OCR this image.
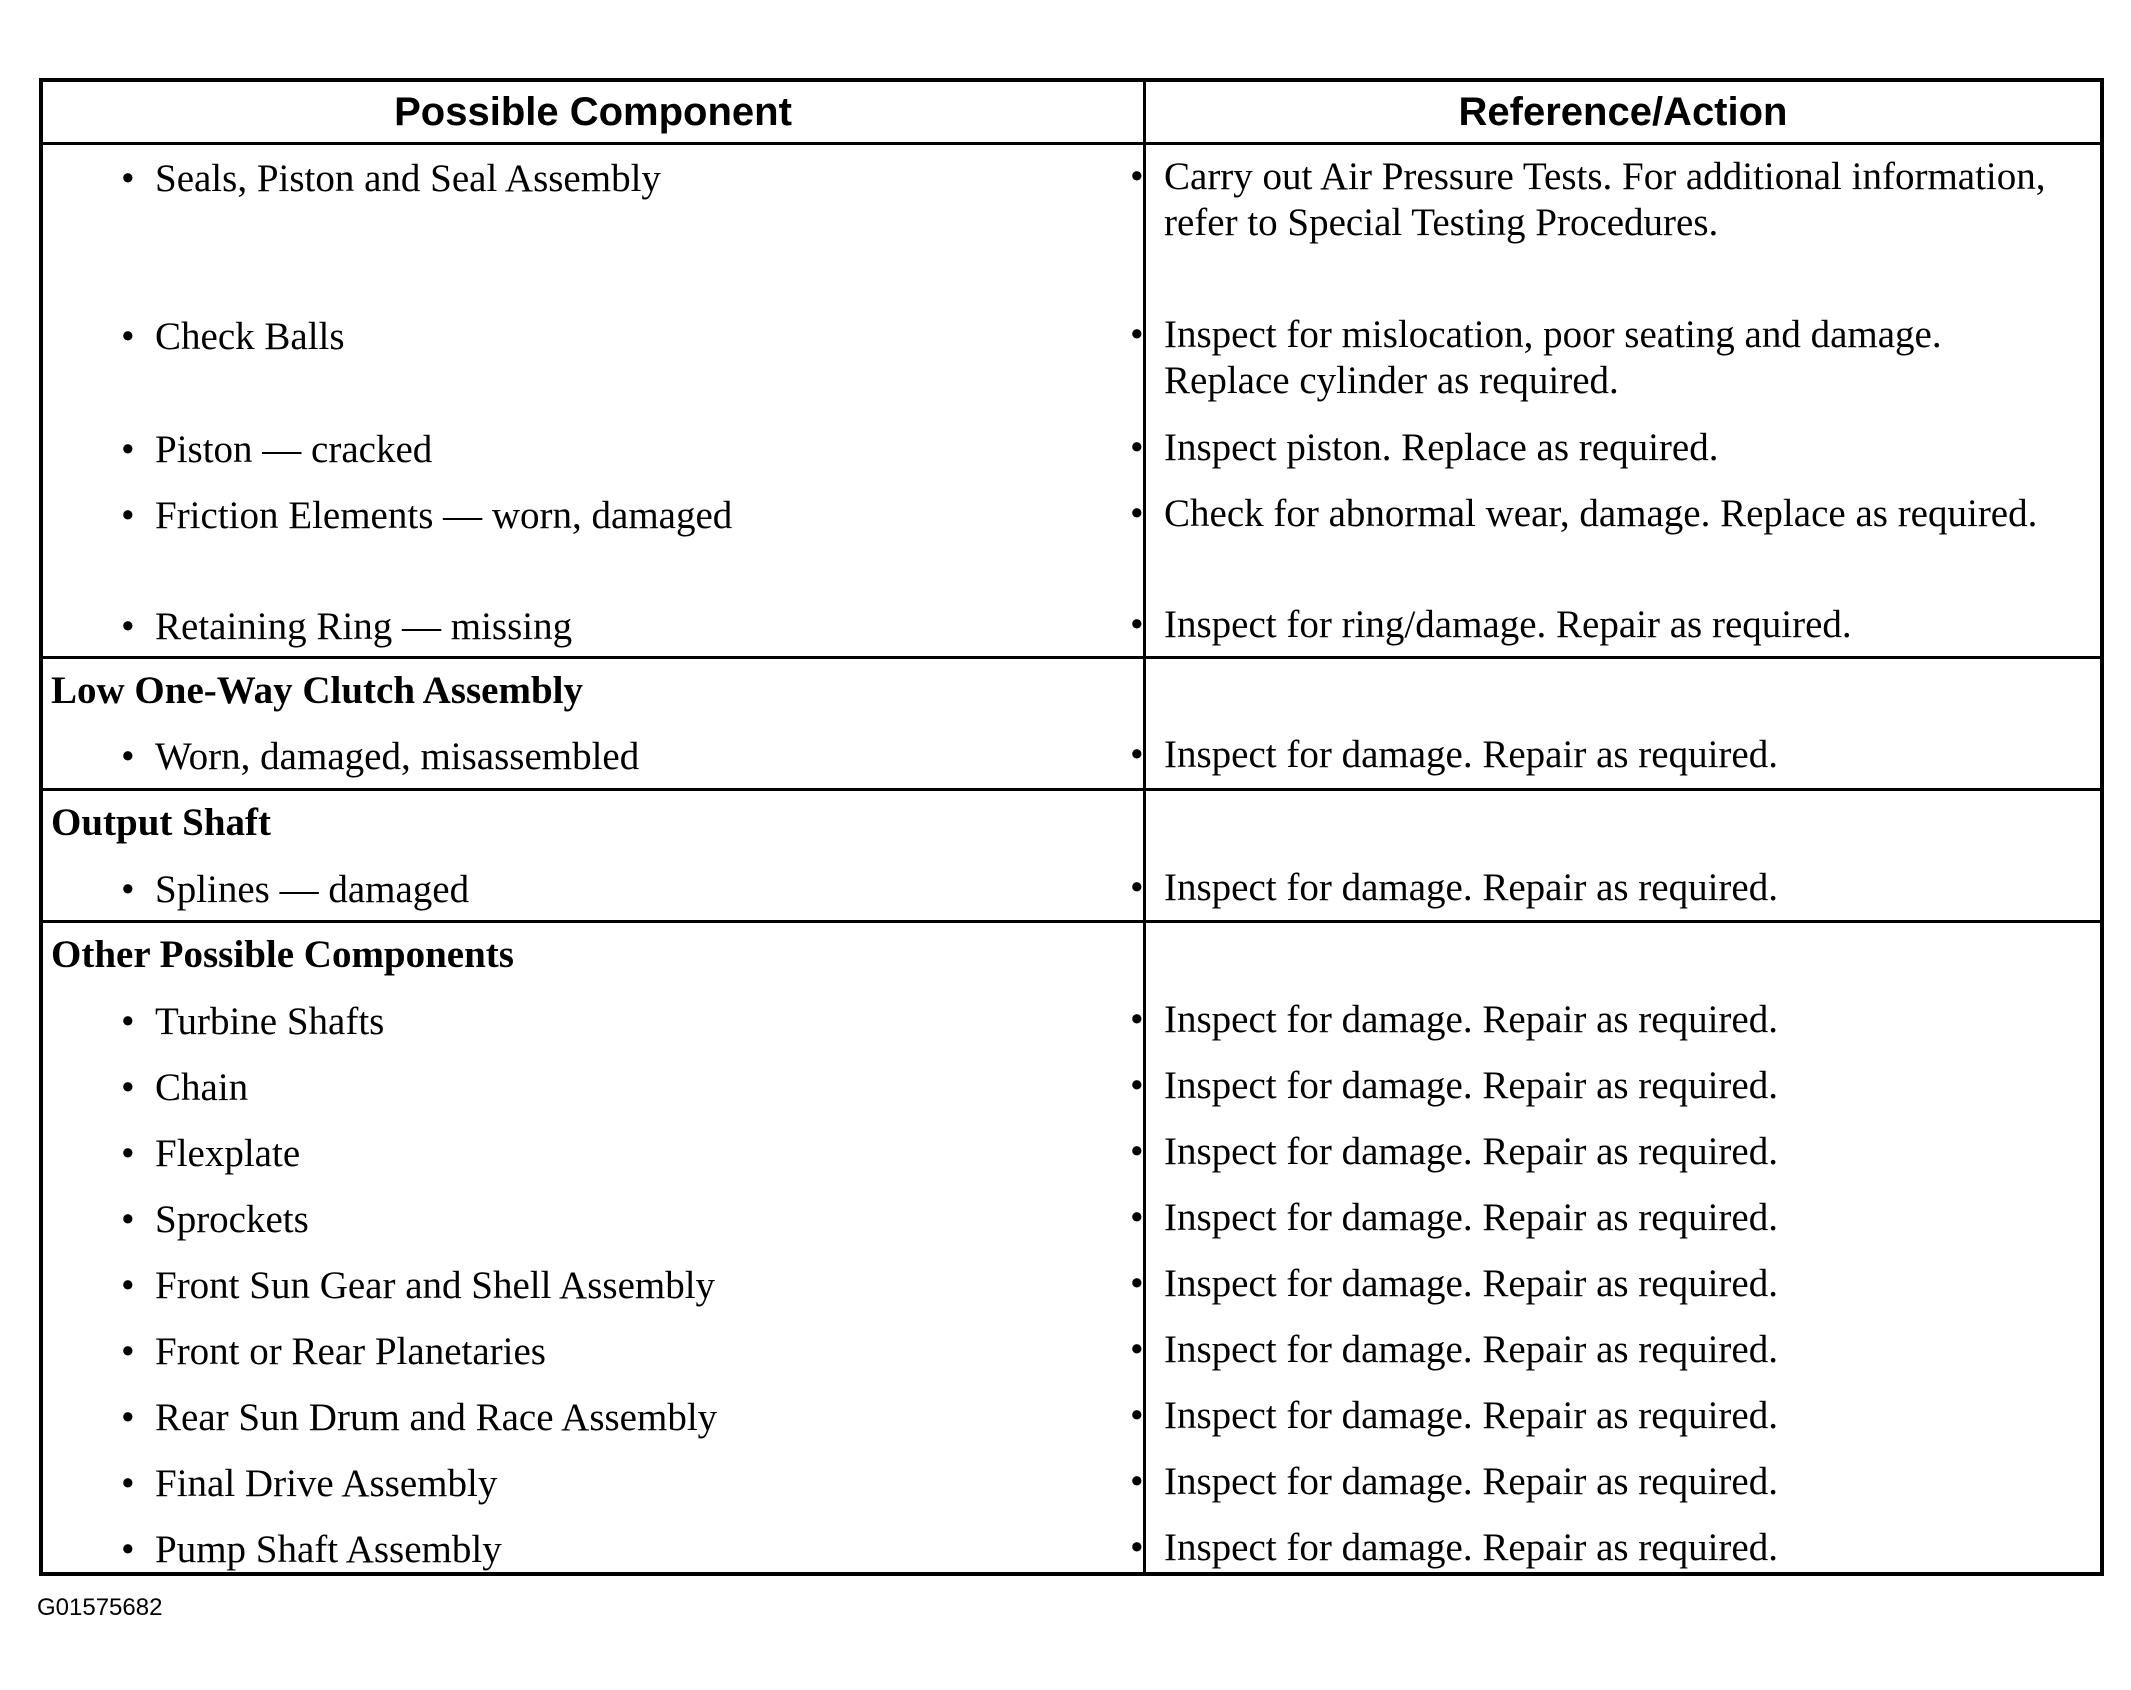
Possible Component	Reference/Action
• Seals, Piston and Seal Assembly	• Carry out Air Pressure Tests. For additional information, refer to Special Testing Procedures.
• Check Balls	• Inspect for mislocation, poor seating and damage. Replace cylinder as required.
• Piston — cracked	• Inspect piston. Replace as required.
• Friction Elements — worn, damaged	• Check for abnormal wear, damage. Replace as required.
• Retaining Ring — missing	• Inspect for ring/damage. Repair as required.
Low One-Way Clutch Assembly
• Worn, damaged, misassembled	• Inspect for damage. Repair as required.
Output Shaft
• Splines — damaged	• Inspect for damage. Repair as required.
Other Possible Components
• Turbine Shafts	• Inspect for damage. Repair as required.
• Chain	• Inspect for damage. Repair as required.
• Flexplate	• Inspect for damage. Repair as required.
• Sprockets	• Inspect for damage. Repair as required.
• Front Sun Gear and Shell Assembly	• Inspect for damage. Repair as required.
• Front or Rear Planetaries	• Inspect for damage. Repair as required.
• Rear Sun Drum and Race Assembly	• Inspect for damage. Repair as required.
• Final Drive Assembly	• Inspect for damage. Repair as required.
• Pump Shaft Assembly	• Inspect for damage. Repair as required.
G01575682
